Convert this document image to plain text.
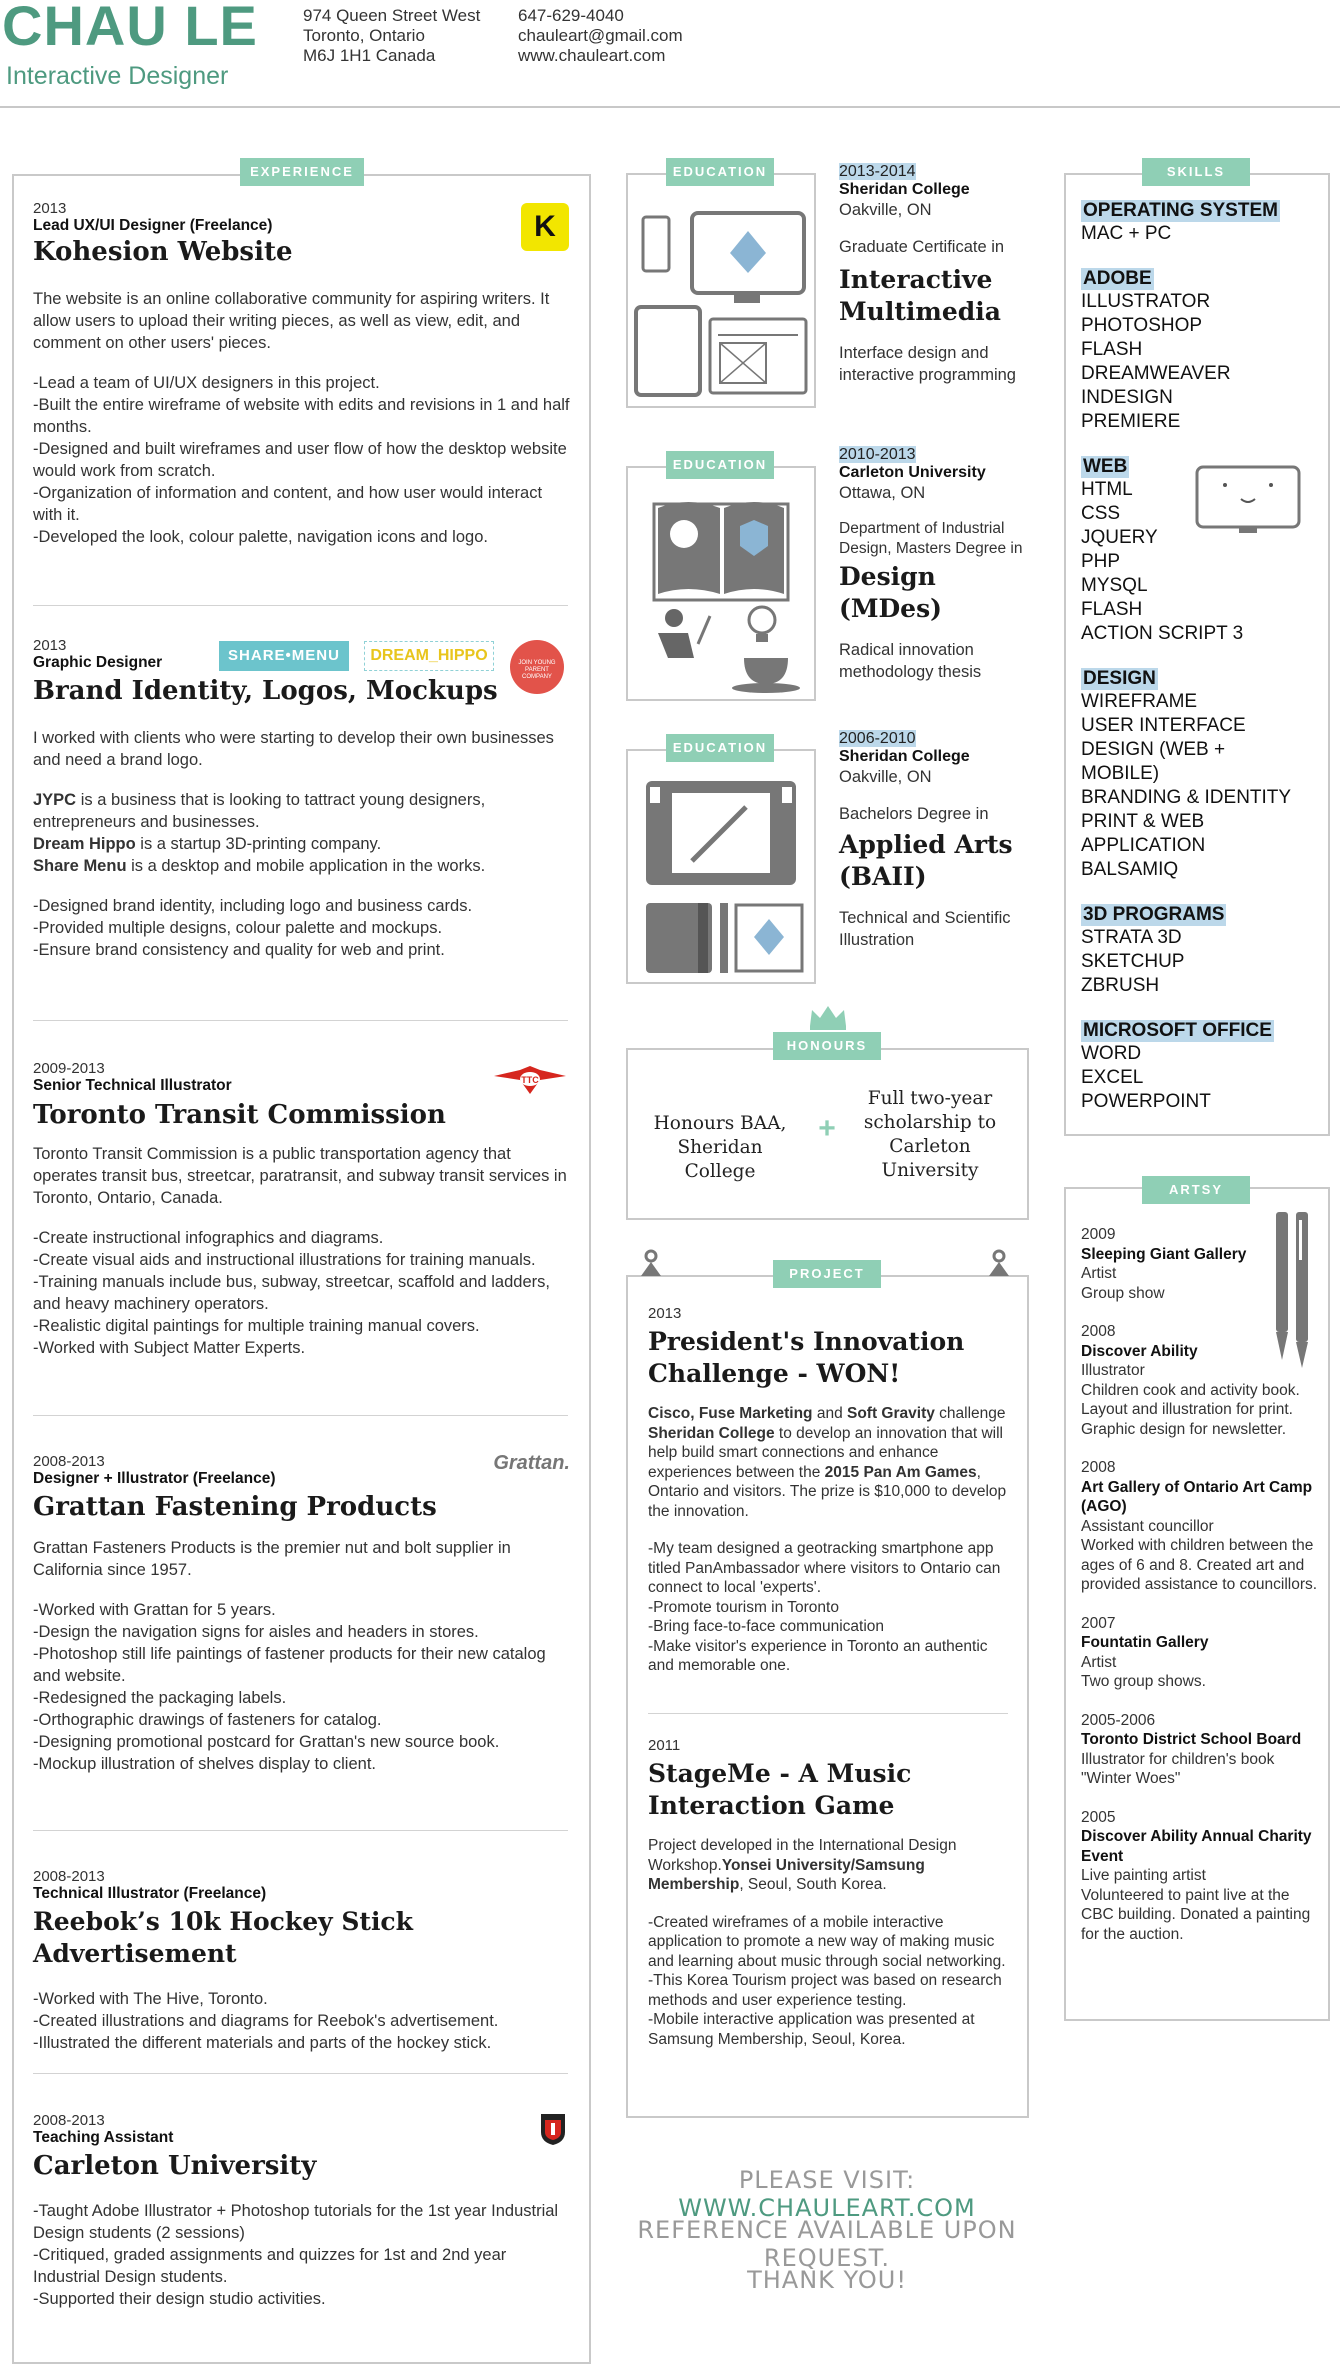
CHAU LE
Interactive Designer
974 Queen Street West
Toronto, Ontario
M6J 1H1 Canada
647-629-4040
chauleart@gmail.com
www.chauleart.com
EXPERIENCE
2013
Lead UX/UI Designer (Freelance)
Kohesion Website
The website is an online collaborative community for aspiring writers. It allow users to upload their writing pieces, as well as view, edit, and comment on other users' pieces.
-Lead a team of UI/UX designers in this project.
-Built the entire wireframe of website with edits and revisions in 1 and half months.
-Designed and built wireframes and user flow of how the desktop website would work from scratch.
-Organization of information and content, and how user would interact with it.
-Developed the look, colour palette, navigation icons and logo.
K
2013
Graphic Designer
Brand Identity, Logos, Mockups
I worked with clients who were starting to develop their own businesses and need a brand logo.
JYPC is a business that is looking to tattract young designers, entrepreneurs and businesses.
Dream Hippo is a startup 3D-printing company.
Share Menu is a desktop and mobile application in the works.
-Designed brand identity, including logo and business cards.
-Provided multiple designs, colour palette and mockups.
-Ensure brand consistency and quality for web and print.
SHARE•MENU	DREAM_HIPPO	JOIN YOUNG PARENT COMPANY
2009-2013
Senior Technical Illustrator
Toronto Transit Commission
Toronto Transit Commission is a public transportation agency that operates transit bus, streetcar, paratransit, and subway transit services in Toronto, Ontario, Canada.
-Create instructional infographics and diagrams.
-Create visual aids and instructional illustrations for training manuals.
-Training manuals include bus, subway, streetcar, scaffold and ladders, and heavy machinery operators.
-Realistic digital paintings for multiple training manual covers.
-Worked with Subject Matter Experts.
TTC
2008-2013
Designer + Illustrator (Freelance)
Grattan Fastening Products
Grattan Fasteners Products is the premier nut and bolt supplier in California since 1957.
-Worked with Grattan for 5 years.
-Design the navigation signs for aisles and headers in stores.
-Photoshop still life paintings of fastener products for their new catalog and website.
-Redesigned the packaging labels.
-Orthographic drawings of fasteners for catalog.
-Designing promotional postcard for Grattan's new source book.
-Mockup illustration of shelves display to client.
Grattan.
2008-2013
Technical Illustrator (Freelance)
Reebok’s 10k Hockey Stick Advertisement
-Worked with The Hive, Toronto.
-Created illustrations and diagrams for Reebok's advertisement.
-Illustrated the different materials and parts of the hockey stick.
2008-2013
Teaching Assistant
Carleton University
-Taught Adobe Illustrator + Photoshop tutorials for the 1st year Industrial Design students (2 sessions)
-Critiqued, graded assignments and quizzes for 1st and 2nd year Industrial Design students.
-Supported their design studio activities.
EDUCATION	2013-2014
Sheridan College
Oakville, ON
Graduate Certificate in
Interactive Multimedia
Interface design and interactive programming
EDUCATION
2010-2013
Carleton University
Ottawa, ON
Department of Industrial Design, Masters Degree in
Design (MDes)
Radical innovation methodology thesis
EDUCATION
2006-2010
Sheridan College
Oakville, ON
Bachelors Degree in
Applied Arts (BAII)
Technical and Scientific Illustration
HONOURS
Honours BAA, Sheridan College
+
Full two-year scholarship to Carleton University
PROJECT
2013
President's Innovation Challenge - WON!
Cisco, Fuse Marketing and Soft Gravity challenge Sheridan College to develop an innovation that will help build smart connections and enhance experiences between the 2015 Pan Am Games, Ontario and visitors. The prize is $10,000 to develop the innovation.
-My team designed a geotracking smartphone app titled PanAmbassador where visitors to Ontario can connect to local 'experts'.
-Promote tourism in Toronto
-Bring face-to-face communication
-Make visitor's experience in Toronto an authentic and memorable one.
2011
StageMe - A Music Interaction Game
Project developed in the International Design Workshop.Yonsei University/Samsung Membership, Seoul, South Korea.
-Created wireframes of a mobile interactive application to promote a new way of making music and learning about music through social networking.
-This Korea Tourism project was based on research methods and user experience testing.
-Mobile interactive application was presented at Samsung Membership, Seoul, Korea.
PLEASE VISIT: WWW.CHAULEART.COM
REFERENCE AVAILABLE UPON REQUEST.
THANK YOU!
SKILLS
OPERATING SYSTEM
MAC + PC
ADOBE
ILLUSTRATOR
PHOTOSHOP
FLASH
DREAMWEAVER
INDESIGN
PREMIERE
WEB
HTML
CSS
JQUERY
PHP
MYSQL
FLASH
ACTION SCRIPT 3
DESIGN
WIREFRAME
USER INTERFACE
DESIGN (WEB +
MOBILE)
BRANDING & IDENTITY
PRINT & WEB
APPLICATION
BALSAMIQ
3D PROGRAMS
STRATA 3D
SKETCHUP
ZBRUSH
MICROSOFT OFFICE
WORD
EXCEL
POWERPOINT
ARTSY
2009
Sleeping Giant Gallery
Artist
Group show
2008
Discover Ability
Illustrator
Children cook and activity book.
Layout and illustration for print.
Graphic design for newsletter.
2008
Art Gallery of Ontario Art Camp (AGO)
Assistant councillor
Worked with children between the ages of 6 and 8. Created art and provided assistance to councillors.
2007
Fountatin Gallery
Artist
Two group shows.
2005-2006
Toronto District School Board
Illustrator for children's book "Winter Woes"
2005
Discover Ability Annual Charity Event
Live painting artist
Volunteered to paint live at the CBC building. Donated a painting for the auction.
